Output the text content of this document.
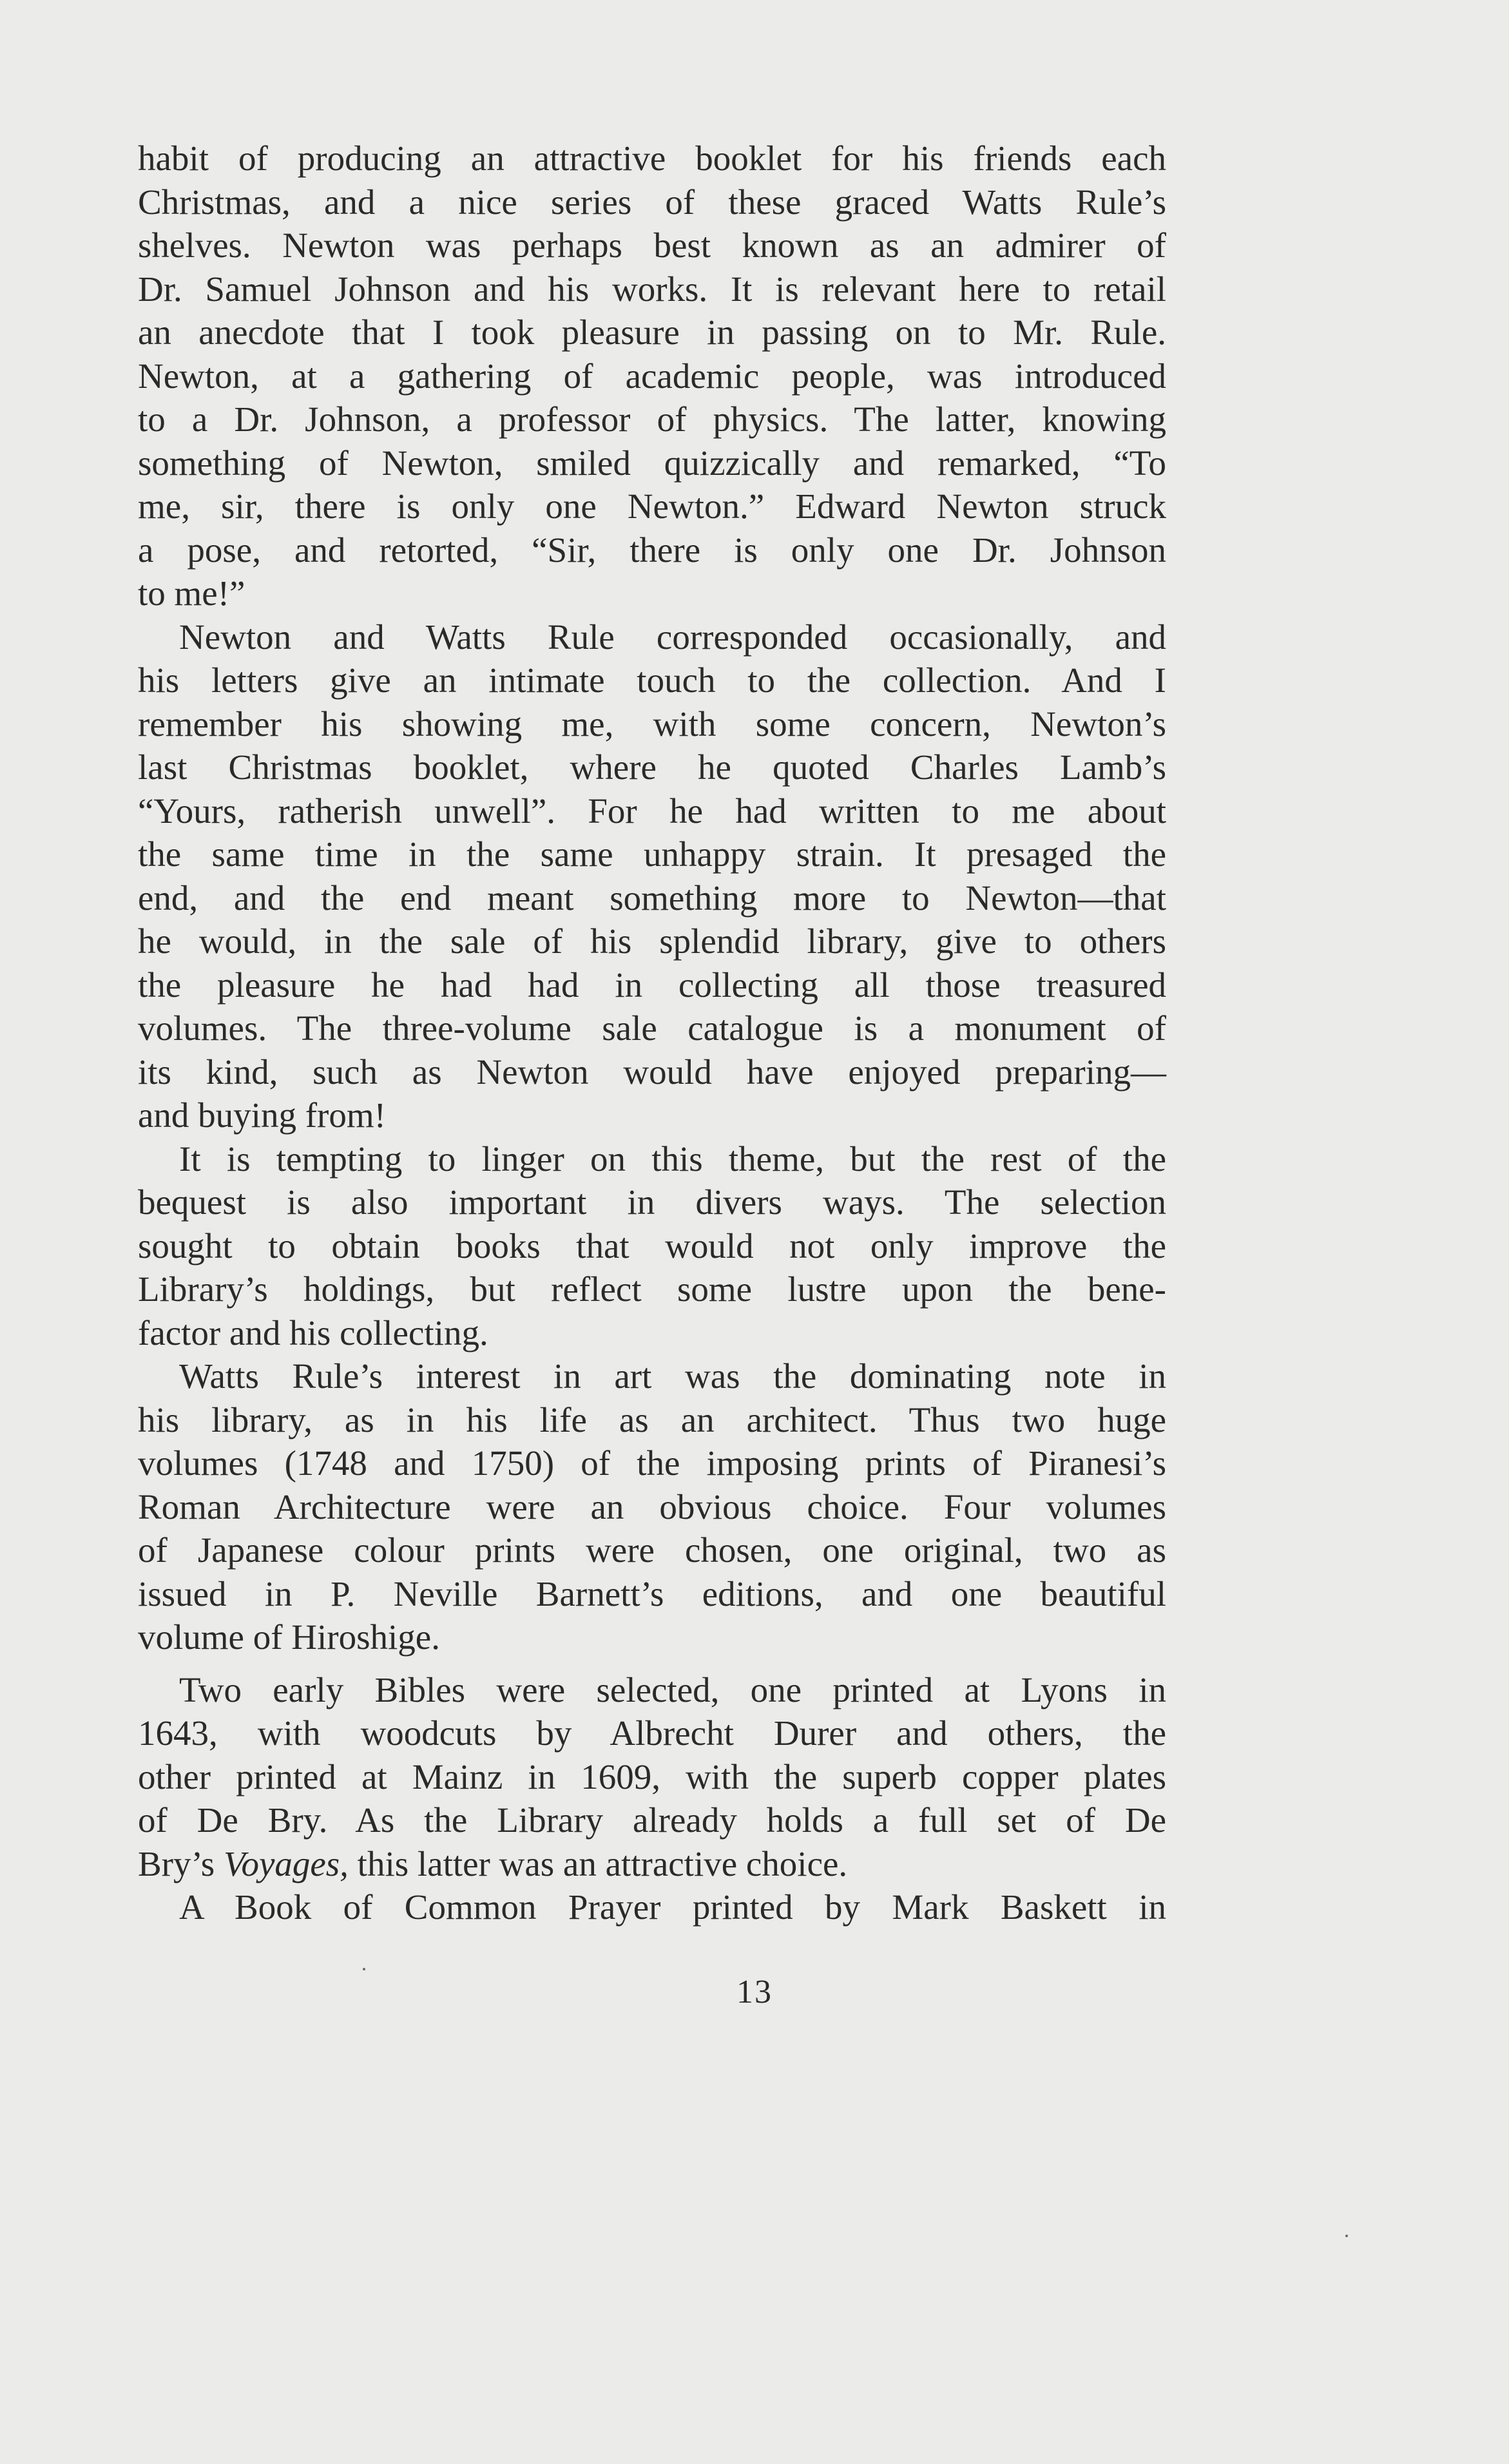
habit of producing an attractive booklet for his friends each
Christmas, and a nice series of these graced Watts Rule’s
shelves. Newton was perhaps best known as an admirer of
Dr. Samuel Johnson and his works. It is relevant here to retail
an anecdote that I took pleasure in passing on to Mr. Rule.
Newton, at a gathering of academic people, was introduced
to a Dr. Johnson, a professor of physics. The latter, knowing
something of Newton, smiled quizzically and remarked, “To
me, sir, there is only one Newton.” Edward Newton struck
a pose, and retorted, “Sir, there is only one Dr. Johnson
to me!”

Newton and Watts Rule corresponded occasionally, and
his letters give an intimate touch to the collection. And I
remember his showing me, with some concern, Newton’s
last Christmas booklet, where he quoted Charles Lamb’s
“Yours, ratherish unwell”. For he had written to me about
the same time in the same unhappy strain. It presaged the
end, and the end meant something more to Newton—that
he would, in the sale of his splendid library, give to others
the pleasure he had had in collecting all those treasured
volumes. The three-volume sale catalogue is a monument of
its kind, such as Newton would have enjoyed preparing—
and buying from!

It is tempting to linger on this theme, but the rest of the
bequest is also important in divers ways. The selection
sought to obtain books that would not only improve the
Library’s holdings, but reflect some lustre upon the bene-
factor and his collecting.

Watts Rule’s interest in art was the dominating note in
his library, as in his life as an architect. Thus two huge
volumes (1748 and 1750) of the imposing prints of Piranesi’s
Roman Architecture were an obvious choice. Four volumes
of Japanese colour prints were chosen, one original, two as
issued in P. Neville Barnett’s editions, and one beautiful
volume of Hiroshige.

Two early Bibles were selected, one printed at Lyons in
1643, with woodcuts by Albrecht Durer and others, the
other printed at Mainz in 1609, with the superb copper plates
of De Bry. As the Library already holds a full set of De
Bry’s Voyages, this latter was an attractive choice.
A Book of Common Prayer printed by Mark Baskett in

13
